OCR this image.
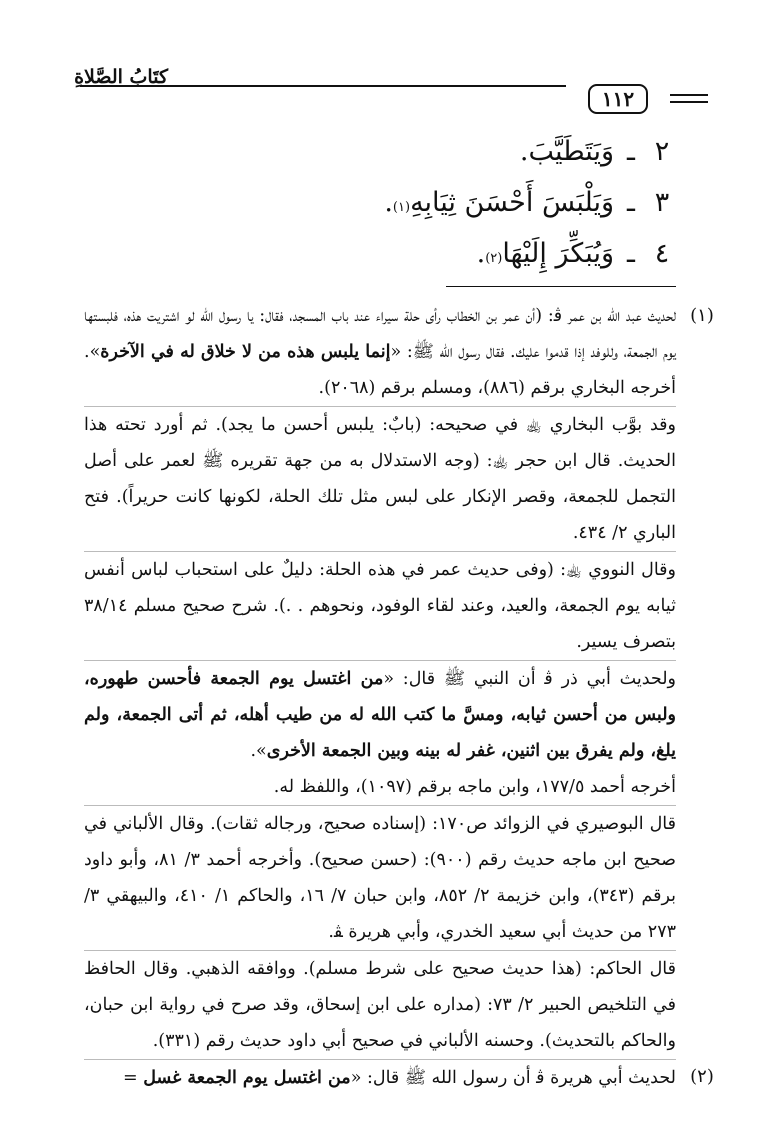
كتَابُ الصَّلاةِ
١١٢
٢
ـ
وَيَتَطَيَّبَ.
٣
ـ
وَيَلْبَسَ أَحْسَنَ ثِيَابِهِ
(١)
.
٤
ـ
وَيُبَكِّرَ إِلَيْهَا
(٢)
.
(١)

لحديث عبد الله بن عمر ﭬ: (أن عمر بن الخطاب رأى حلة سيراء عند باب المسجد، فقال: يا رسول الله لو اشتريت هذه، فلبستها يوم الجمعة، وللوفد إذا قدموا عليك. فقال رسول الله ﷺ: «إنما يلبس هذه من لا خلاق له في الآخرة». أخرجه البخاري برقم (٨٨٦)، ومسلم برقم (٢٠٦٨).

وقد بوَّب البخاري ﵀ في صحيحه: (بابٌ: يلبس أحسن ما يجد). ثم أورد تحته هذا الحديث. قال ابن حجر ﵀: (وجه الاستدلال به من جهة تقريره ﷺ لعمر على أصل التجمل للجمعة، وقصر الإنكار على لبس مثل تلك الحلة، لكونها كانت حريراً). فتح الباري ٢/ ٤٣٤.

وقال النووي ﵀: (وفى حديث عمر في هذه الحلة: دليلٌ على استحباب لباس أنفس ثيابه يوم الجمعة، والعيد، وعند لقاء الوفود، ونحوهم . .). شرح صحيح مسلم ٣٨/١٤ بتصرف يسير.

ولحديث أبي ذر ﭬ أن النبي ﷺ قال: «من اغتسل يوم الجمعة فأحسن طهوره، ولبس من أحسن ثيابه، ومسَّ ما كتب الله له من طيب أهله، ثم أتى الجمعة، ولم يلغ، ولم يفرق بين اثنين، غفر له بينه وبين الجمعة الأخرى».

أخرجه أحمد ١٧٧/٥، وابن ماجه برقم (١٠٩٧)، واللفظ له.

قال البوصيري في الزوائد ص١٧٠: (إسناده صحيح، ورجاله ثقات). وقال الألباني في صحيح ابن ماجه حديث رقم (٩٠٠): (حسن صحيح). وأخرجه أحمد ٣/ ٨١، وأبو داود برقم (٣٤٣)، وابن خزيمة ٢/ ٨٥٢، وابن حبان ٧/ ١٦، والحاكم ١/ ٤١٠، والبيهقي ٣/ ٢٧٣ من حديث أبي سعيد الخدري، وأبي هريرة ﭭ.

قال الحاكم: (هذا حديث صحيح على شرط مسلم). ووافقه الذهبي. وقال الحافظ في التلخيص الحبير ٢/ ٧٣: (مداره على ابن إسحاق، وقد صرح في رواية ابن حبان، والحاكم بالتحديث). وحسنه الألباني في صحيح أبي داود حديث رقم (٣٣١).

(٢)

لحديث أبي هريرة ﭬ أن رسول الله ﷺ قال: «من اغتسل يوم الجمعة غسل =
